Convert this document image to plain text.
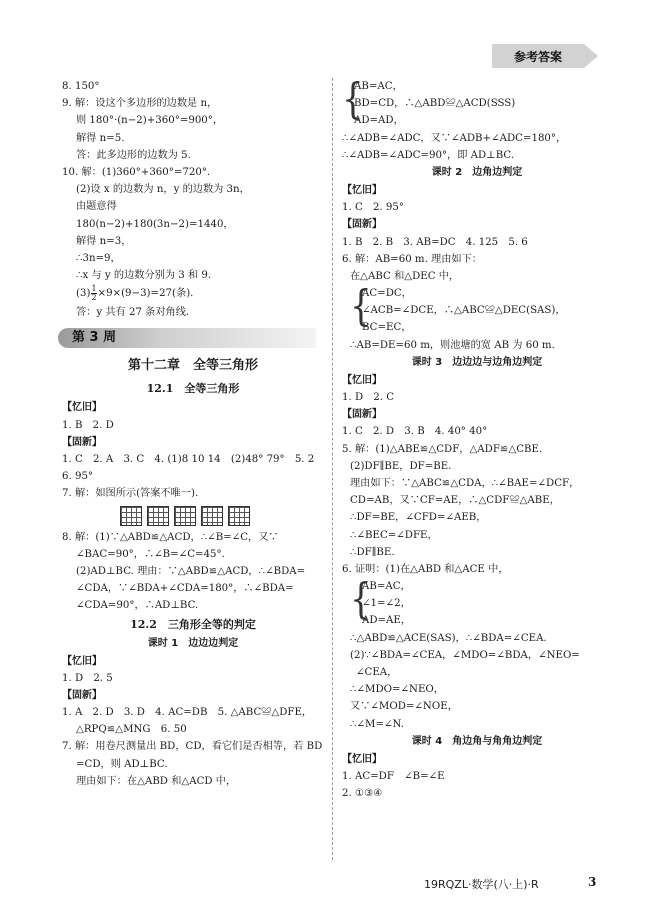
参考答案
8. 150°
9. 解：设这个多边形的边数是 n，
则 180°·(n−2)+360°=900°，
解得 n=5.
答：此多边形的边数为 5.
10. 解：(1)360°+360°=720°.
(2)设 x 的边数为 n，y 的边数为 3n，
由题意得
180(n−2)+180(3n−2)=1440，
解得 n=3，
∴3n=9，
∴x 与 y 的边数分别为 3 和 9.
$(3) \frac{1}{2} \times 9\times(9-3)=27$(条).
答：y 共有 27 条对角线.
第 3 周
第十二章　全等三角形
12.1　全等三角形
【忆旧】
1. B　2. D
【固新】
1. C　2. A　3. C　4. (1)8 10 14　(2)48° 79°　5. 2
6. 95°
7. 解：如图所示(答案不唯一).
8. 解：(1)∵△ABD≌△ACD，∴∠B=∠C，又∵
∠BAC=90°，∴∠B=∠C=45°.
(2)AD⊥BC. 理由：∵△ABD≌△ACD，∴∠BDA=
∠CDA，∵∠BDA+∠CDA=180°，∴∠BDA=
∠CDA=90°，∴AD⊥BC.
12.2　三角形全等的判定
课时 1　边边边判定
【忆旧】
1. D　2. 5
【固新】
1. A　2. D　3. D　4. AC=DB　5. △ABC≌△DFE，
△RPQ≌△MNG　6. 50
7. 解：用卷尺测量出 BD，CD，看它们是否相等，若 BD
=CD，则 AD⊥BC.
理由如下：在△ABD 和△ACD 中，
{
AB=AC，
BD=CD，∴△ABD≌△ACD(SSS)
AD=AD，
∴∠ADB=∠ADC，又∵∠ADB+∠ADC=180°，
∴∠ADB=∠ADC=90°，即 AD⊥BC.
课时 2　边角边判定
【忆旧】
1. C　2. 95°
【固新】
1. B　2. B　3. AB=DC　4. 125　5. 6
6. 解：AB=60 m. 理由如下：
在△ABC 和△DEC 中，
{
AC=DC，
∠ACB=∠DCE，∴△ABC≌△DEC(SAS)，
BC=EC，
∴AB=DE=60 m，则池塘的宽 AB 为 60 m.
课时 3　边边边与边角边判定
【忆旧】
1. D　2. C
【固新】
1. C　2. D　3. B　4. 40° 40°
5. 解：(1)△ABE≌△CDF，△ADF≌△CBE.
(2)DF∥BE，DF=BE.
理由如下：∵△ABC≌△CDA，∴∠BAE=∠DCF，
CD=AB，又∵CF=AE，∴△CDF≌△ABE，
∴DF=BE，∠CFD=∠AEB，
∴∠BEC=∠DFE，
∴DF∥BE.
6. 证明：(1)在△ABD 和△ACE 中，
{
AB=AC，
∠1=∠2，
AD=AE，
∴△ABD≌△ACE(SAS)，∴∠BDA=∠CEA.
(2)∵∠BDA=∠CEA，∠MDO=∠BDA，∠NEO=
∠CEA，
∴∠MDO=∠NEO，
又∵∠MOD=∠NOE，
∴∠M=∠N.
课时 4　角边角与角角边判定
【忆旧】
1. AC=DF　∠B=∠E
2. ①③④
19RQZL·数学(八·上)·R	3
